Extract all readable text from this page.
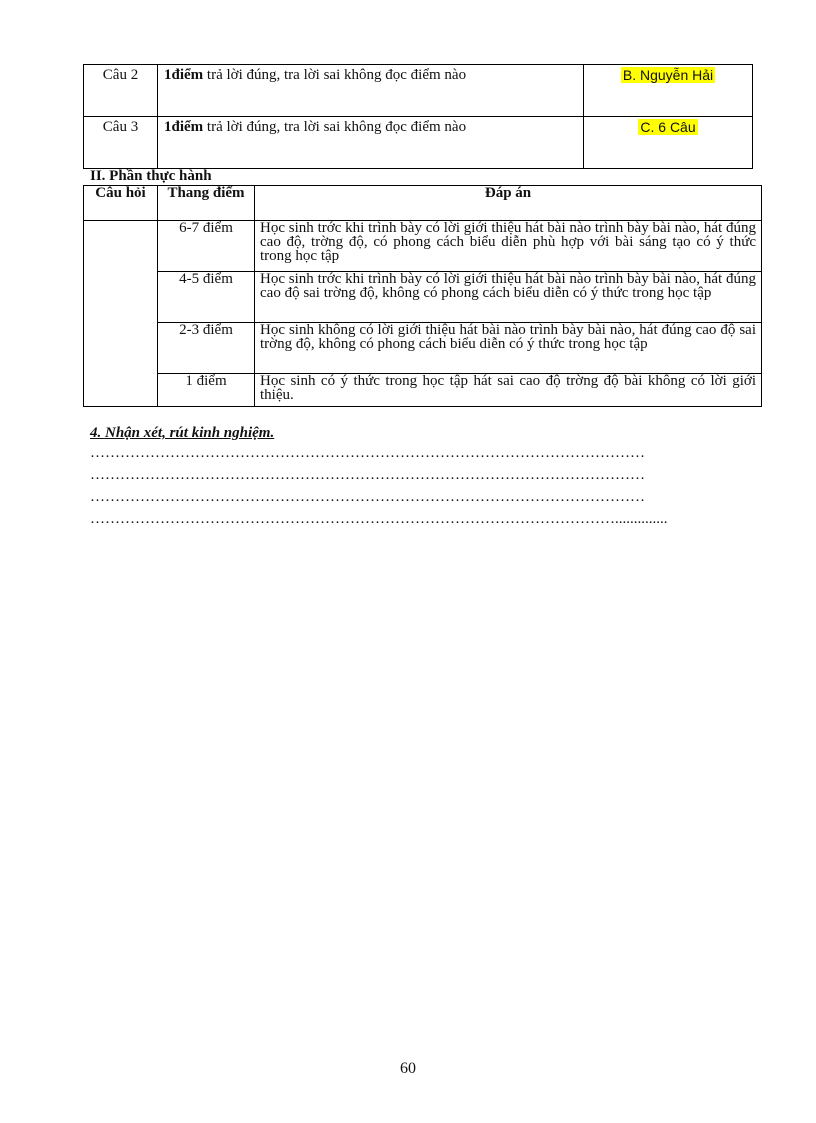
Câu 2	1điểm trả lời đúng, tra lời sai không đọc điểm nào	B. Nguyễn Hải
Câu 3	1điểm trả lời đúng, tra lời sai không đọc điểm nào	C. 6 Câu
II. Phần thực hành
Câu hỏi	Thang điểm	Đáp án
	6-7 điểm	Học sinh trớc khi trình bày có lời giới thiệu hát bài nào trình bày bài nào, hát đúng cao độ, trờng độ, có phong cách biểu diễn phù hợp với bài sáng tạo có ý thức trong học tập
	4-5 điểm	Học sinh trớc khi trình bày có lời giới thiệu hát bài nào trình bày bài nào, hát đúng cao độ sai trờng độ, không có phong cách biểu diễn có ý thức trong học tập
	2-3 điểm	Học sinh không có lời giới thiệu hát bài nào trình bày bài nào, hát đúng cao độ sai trờng độ, không có phong cách biểu diễn có ý thức trong học tập
	1 điểm	Học sinh có ý thức trong học tập hát sai cao độ trờng độ bài không có lời giới thiệu.
4. Nhận xét, rút kinh nghiệm.
…………………………………………………………………………………………………
…………………………………………………………………………………………………
…………………………………………………………………………………………………
……………………………………………………………………………………………..............
60
